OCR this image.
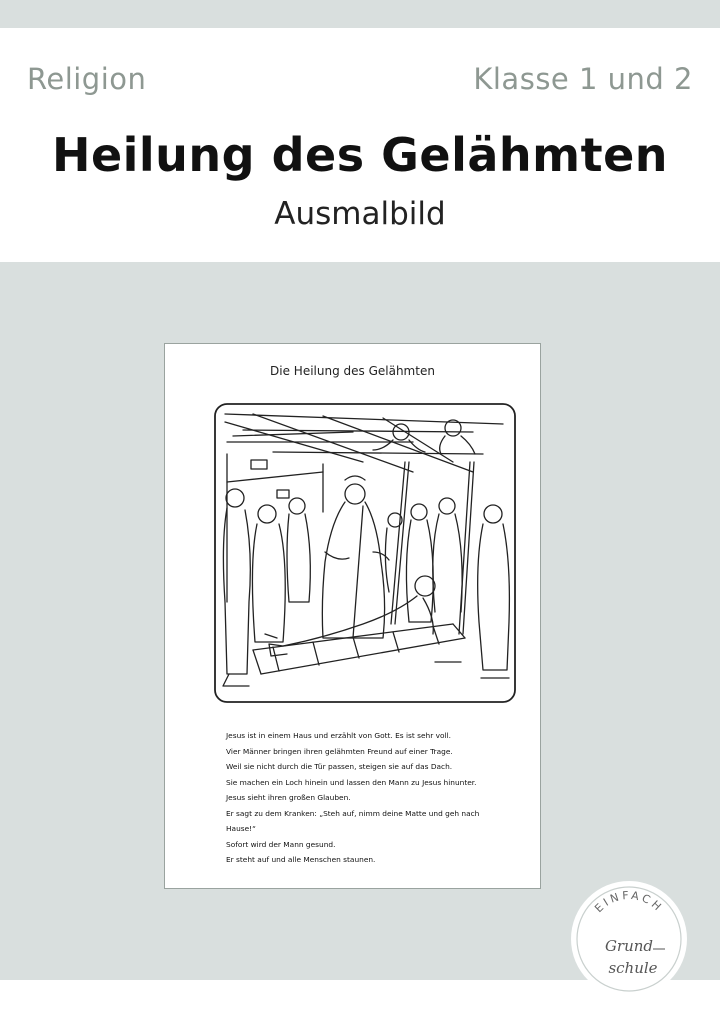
Religion	Klasse 1 und 2
Heilung des Gelähmten
Ausmalbild
Die Heilung des Gelähmten
Jesus ist in einem Haus und erzählt von Gott. Es ist sehr voll.
Vier Männer bringen ihren gelähmten Freund auf einer Trage.
Weil sie nicht durch die Tür passen, steigen sie auf das Dach.
Sie machen ein Loch hinein und lassen den Mann zu Jesus hinunter.
Jesus sieht ihren großen Glauben.
Er sagt zu dem Kranken: „Steh auf, nimm deine Matte und geh nach
Hause!“
Sofort wird der Mann gesund.
Er steht auf und alle Menschen staunen.
EINFACH
Grund
schule
